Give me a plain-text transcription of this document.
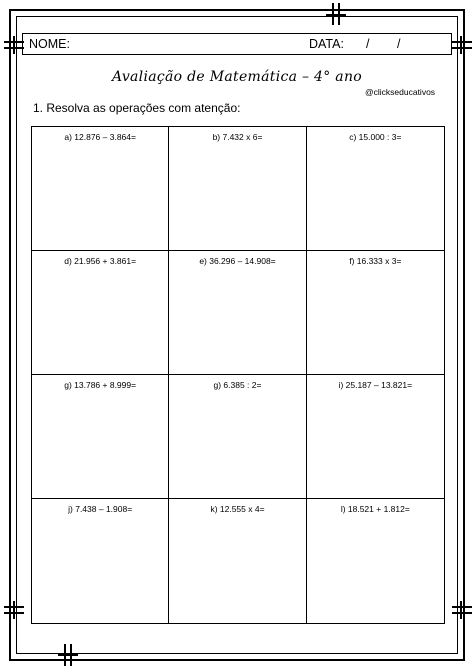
NOME:	DATA: / /
Avaliação de Matemática – 4° ano
@clickseducativos
1. Resolva as operações com atenção:
a) 12.876 – 3.864=	b) 7.432 x 6=	c) 15.000 : 3=
d) 21.956 + 3.861=	e) 36.296 – 14.908=	f) 16.333 x 3=
g) 13.786 + 8.999=	g) 6.385 : 2=	i) 25.187 – 13.821=
j) 7.438 – 1.908=	k) 12.555 x 4=	l) 18.521 + 1.812=
